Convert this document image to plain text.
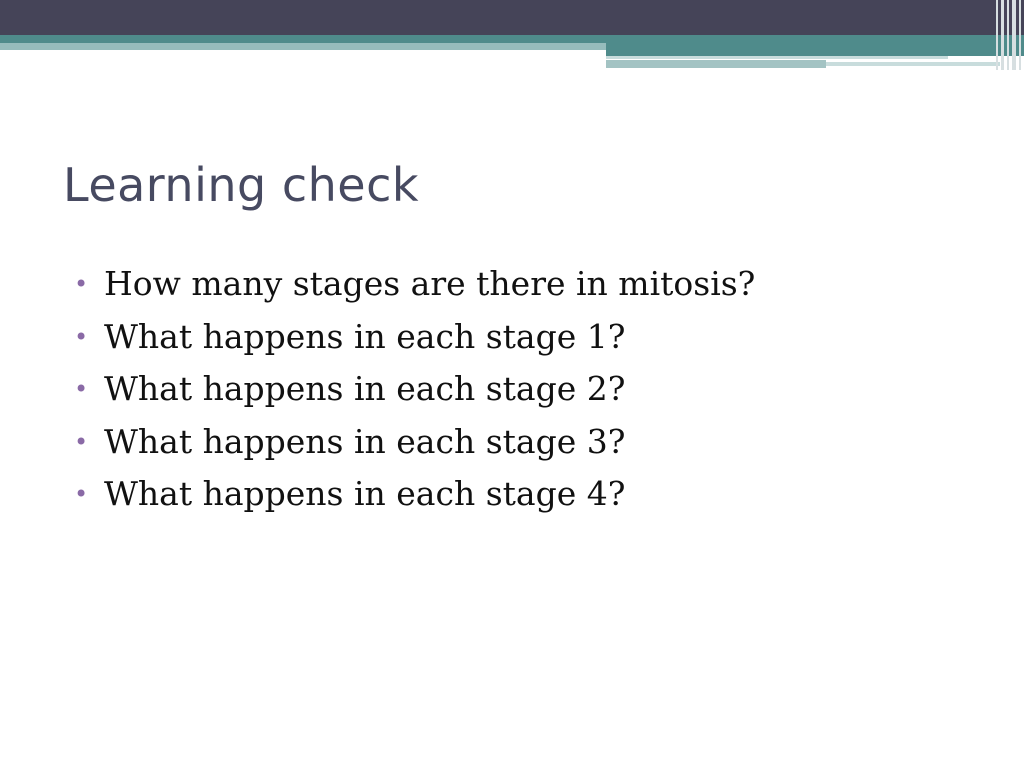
Learning check
• How many stages are there in mitosis?
• What happens in each stage 1?
• What happens in each stage 2?
• What happens in each stage 3?
• What happens in each stage 4?
